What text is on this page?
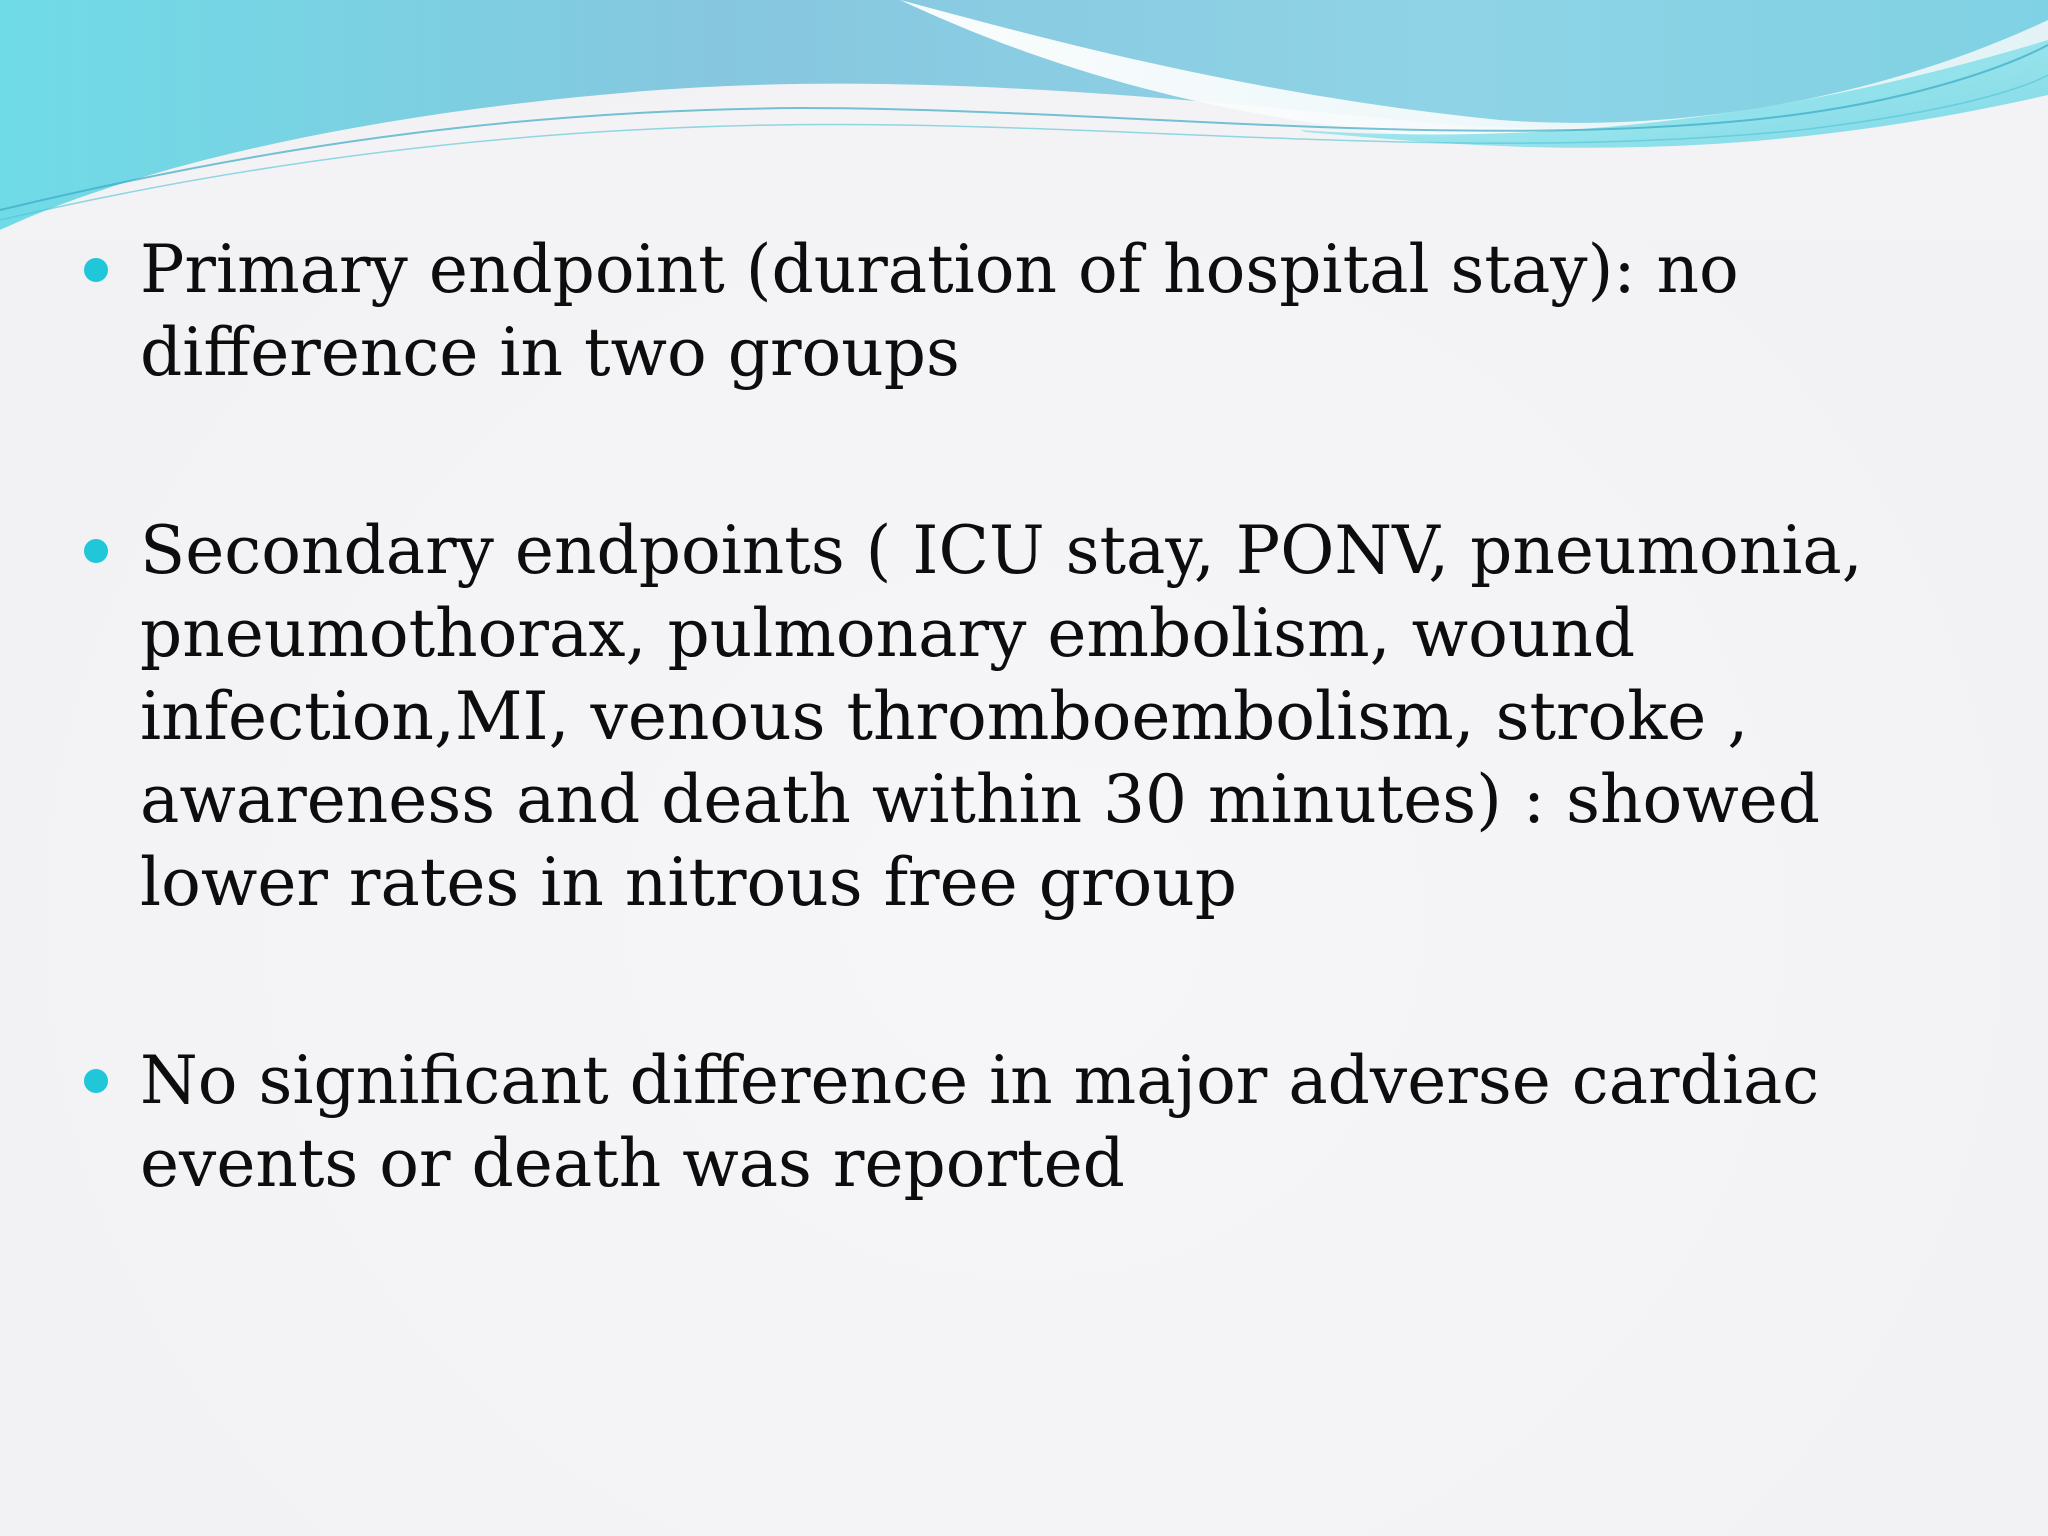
Primary endpoint (duration of hospital stay): no difference in two groups
Secondary endpoints ( ICU stay, PONV, pneumonia, pneumothorax, pulmonary embolism, wound infection,MI, venous thromboembolism, stroke , awareness and death within 30 minutes) : showed lower rates in nitrous free group
No significant difference in major adverse cardiac events or death was reported
